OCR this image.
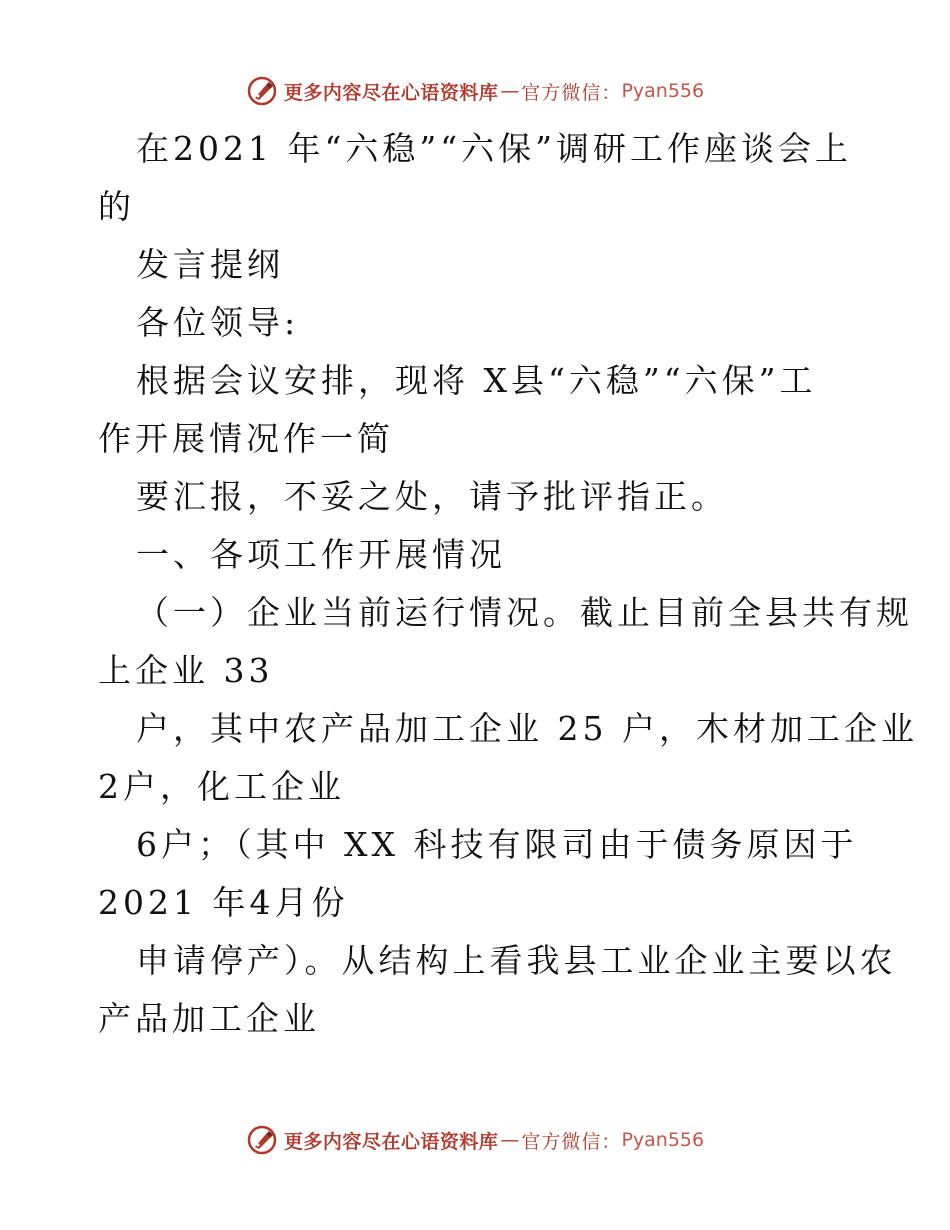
更多内容尽在心语资料库 — 官方微信： Pyan556
在2021 年“六稳”“六保”调研工作座谈会上
的
发言提纲
各位领导:
根据会议安排，现将 X县“六稳”“六保”工
作开展情况作一简
要汇报，不妥之处，请予批评指正。
一、各项工作开展情况
（一）企业当前运行情况。截止目前全县共有规
上企业 33
户，其中农产品加工企业 25 户，木材加工企业
2户，化工企业
6户；（其中 XX 科技有限司由于债务原因于
2021 年4月份
申请停产）。从结构上看我县工业企业主要以农
产品加工企业
更多内容尽在心语资料库 — 官方微信： Pyan556
